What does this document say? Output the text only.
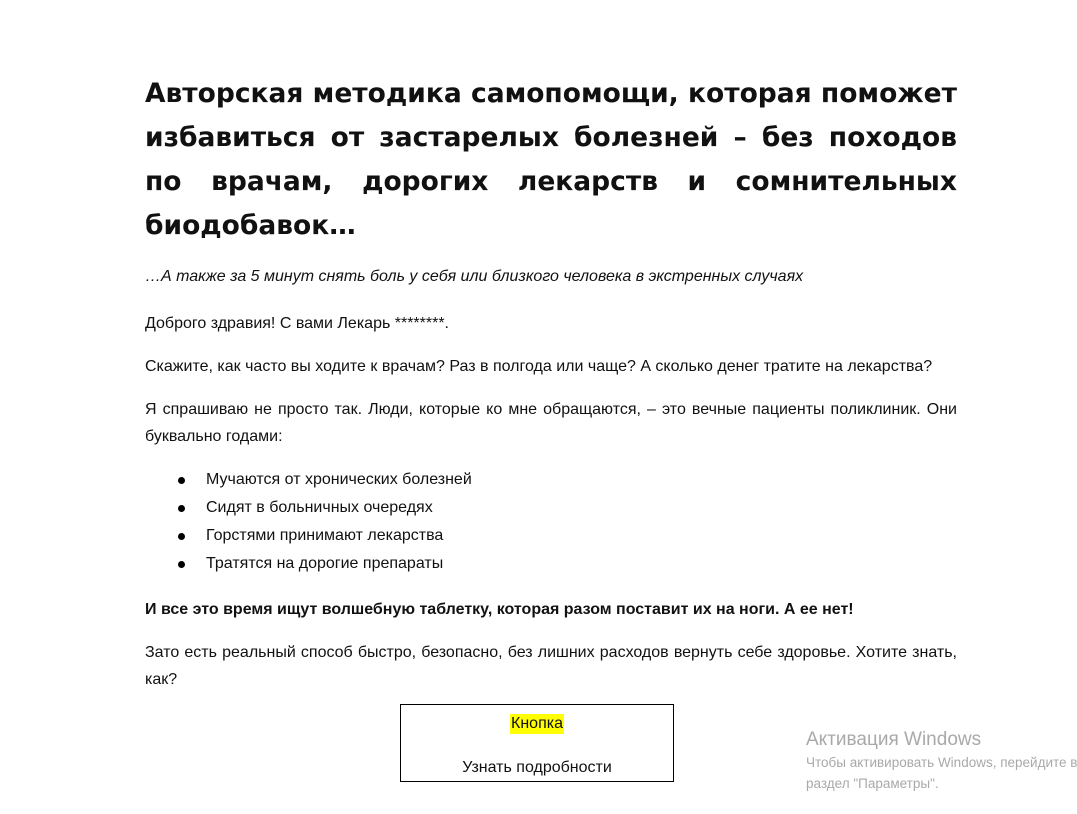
Авторская методика самопомощи, которая поможет избавиться от застарелых болезней – без походов по врачам, дорогих лекарств и сомнительных биодобавок…

…А также за 5 минут снять боль у себя или близкого человека в экстренных случаях

Доброго здравия! С вами Лекарь ********.

Скажите, как часто вы ходите к врачам? Раз в полгода или чаще? А сколько денег тратите на лекарства?

Я спрашиваю не просто так. Люди, которые ко мне обращаются, – это вечные пациенты поликлиник. Они буквально годами:

Мучаются от хронических болезней
Сидят в больничных очередях
Горстями принимают лекарства
Тратятся на дорогие препараты

И все это время ищут волшебную таблетку, которая разом поставит их на ноги. А ее нет!

Зато есть реальный способ быстро, безопасно, без лишних расходов вернуть себе здоровье. Хотите знать, как?

Кнопка
Узнать подробности
Активация Windows
Чтобы активировать Windows, перейдите в
раздел "Параметры".
